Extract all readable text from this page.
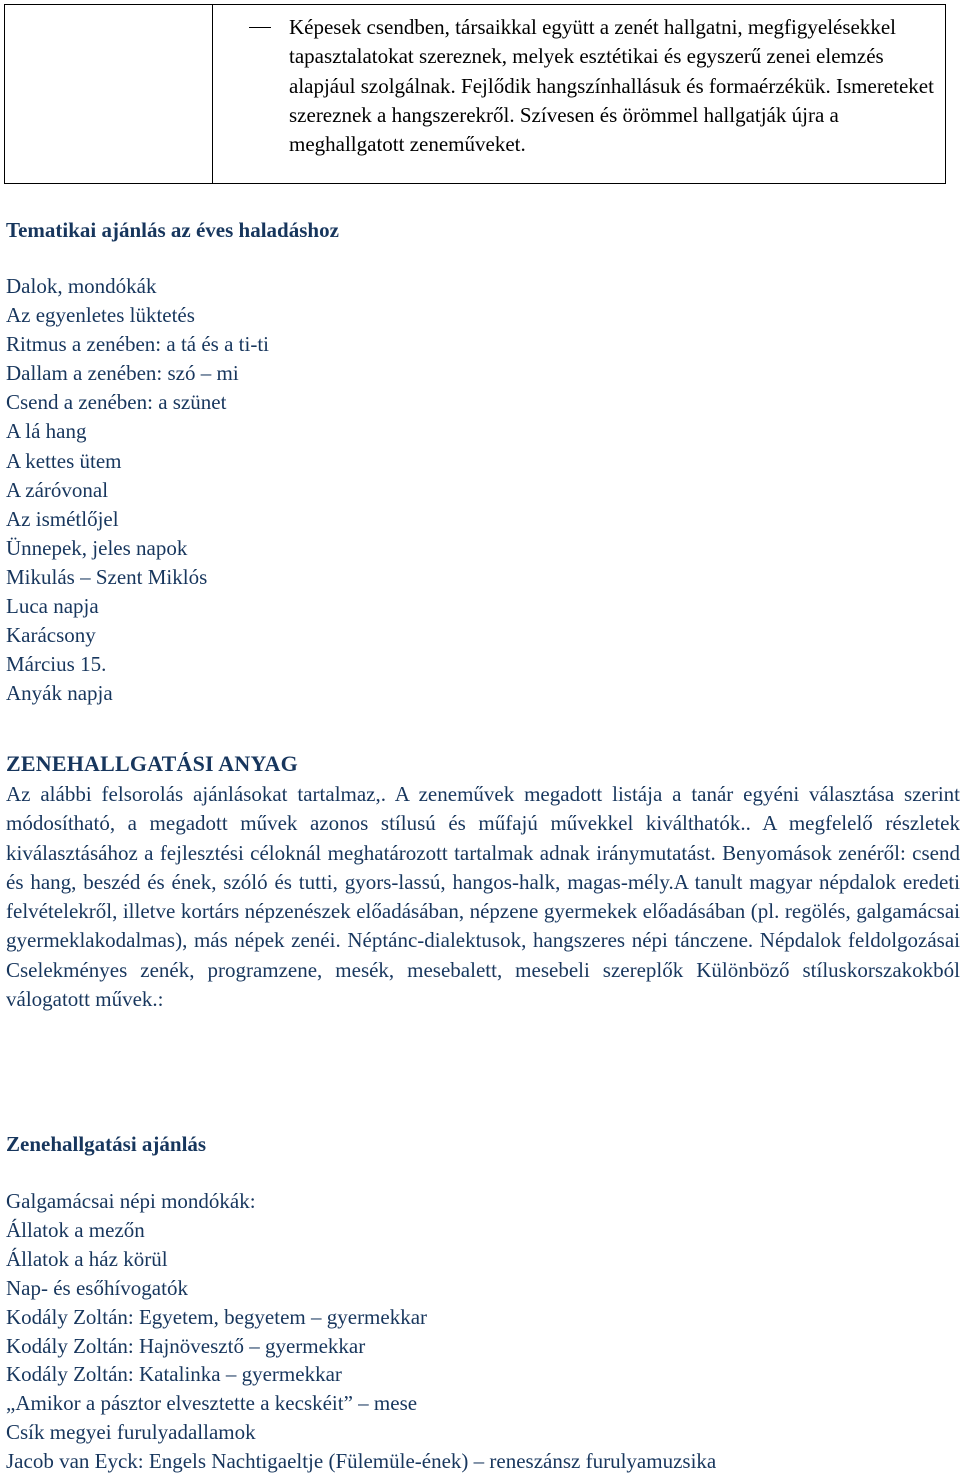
Képesek csendben, társaikkal együtt a zenét hallgatni, megfigyelésekkel tapasztalatokat szereznek, melyek esztétikai és egyszerű zenei elemzés alapjául szolgálnak. Fejlődik hangszínhallásuk és formaérzékük. Ismereteket szereznek a hangszerekről. Szívesen és örömmel hallgatják újra a meghallgatott zeneműveket.
Tematikai ajánlás az éves haladáshoz
Dalok, mondókák
Az egyenletes lüktetés
Ritmus a zenében: a tá és a ti-ti
Dallam a zenében: szó – mi
Csend a zenében: a szünet
A lá hang
A kettes ütem
A záróvonal
Az ismétlőjel
Ünnepek, jeles napok
Mikulás – Szent Miklós
Luca napja
Karácsony
Március 15.
Anyák napja
ZENEHALLGATÁSI ANYAG

Az alábbi felsorolás ajánlásokat tartalmaz,. A zeneművek megadott listája a tanár egyéni választása szerint módosítható, a megadott művek azonos stílusú és műfajú művekkel kiválthatók.. A megfelelő részletek kiválasztásához a fejlesztési céloknál meghatározott tartalmak adnak iránymutatást. Benyomások zenéről: csend és hang, beszéd és ének, szóló és tutti, gyors-lassú, hangos-halk, magas-mély.A tanult magyar népdalok eredeti felvételekről, illetve kortárs népzenészek előadásában, népzene gyermekek előadásában (pl. regölés, galgamácsai gyermeklakodalmas), más népek zenéi. Néptánc-dialektusok, hangszeres népi tánczene. Népdalok feldolgozásai Cselekményes zenék, programzene, mesék, mesebalett, mesebeli szereplők Különböző stíluskorszakokból válogatott művek.:

Zenehallgatási ajánlás
Galgamácsai népi mondókák:
Állatok a mezőn
Állatok a ház körül
Nap- és esőhívogatók
Kodály Zoltán: Egyetem, begyetem – gyermekkar
Kodály Zoltán: Hajnövesztő – gyermekkar
Kodály Zoltán: Katalinka – gyermekkar
„Amikor a pásztor elvesztette a kecskéit” – mese
Csík megyei furulyadallamok
Jacob van Eyck: Engels Nachtigaeltje (Fülemüle-ének) – reneszánsz furulyamuzsika
